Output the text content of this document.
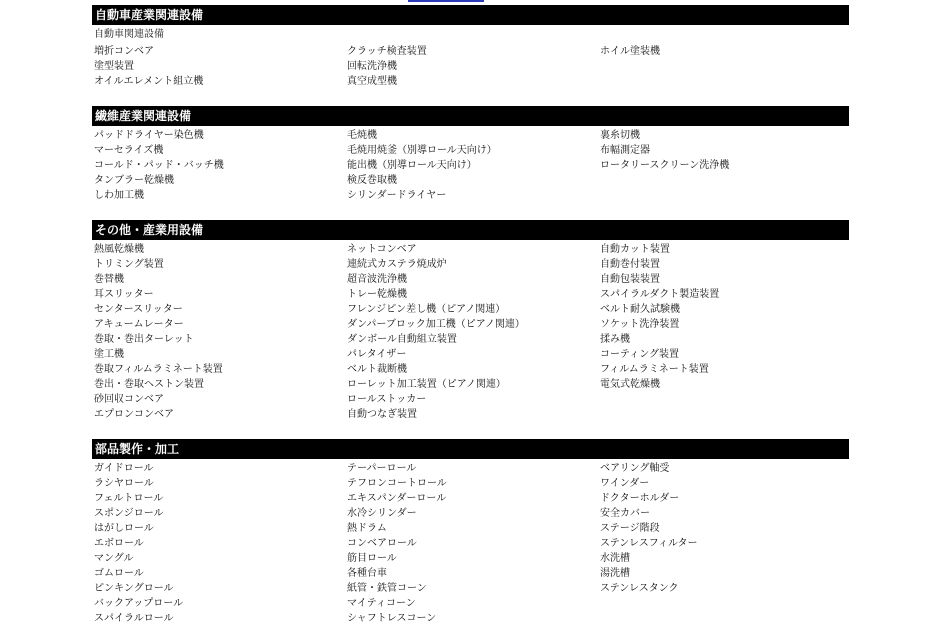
自動車産業関連設備
自動車関連設備
増折コンベア	クラッチ検査装置	ホイル塗装機
塗型装置	回転洗浄機
オイルエレメント組立機	真空成型機
繊維産業関連設備
パッドドライヤー染色機	毛焼機	裏糸切機
マーセライズ機	毛焼用焼釜（別導ロール天向け）	布幅測定器
コールド・パッド・バッチ機	能出機（別導ロール天向け）	ロータリースクリーン洗浄機
タンブラー乾燥機	検反巻取機
しわ加工機	シリンダードライヤー
その他・産業用設備
熱風乾燥機	ネットコンベア	自動カット装置
トリミング装置	連続式カステラ焼成炉	自動巻付装置
巻替機	超音波洗浄機	自動包装装置
耳スリッター	トレー乾燥機	スパイラルダクト製造装置
センタースリッター	フレンジピン差し機（ピアノ関連）	ベルト耐久試験機
アキュームレーター	ダンパーブロック加工機（ピアノ関連）	ソケット洗浄装置
巻取・巻出ターレット	ダンボール自動組立装置	揉み機
塗工機	パレタイザー	コーティング装置
巻取フィルムラミネート装置	ベルト裁断機	フィルムラミネート装置
巻出・巻取ヘストン装置	ローレット加工装置（ピアノ関連）	電気式乾燥機
砂回収コンベア	ロールストッカー
エプロンコンベア	自動つなぎ装置
部品製作・加工
ガイドロール	テーパーロール	ベアリング軸受
ラシヤロール	テフロンコートロール	ワインダー
フェルトロール	エキスパンダーロール	ドクターホルダー
スポンジロール	水冷シリンダー	安全カバー
はがしロール	熱ドラム	ステージ階段
エボロール	コンベアロール	ステンレスフィルター
マングル	筋目ロール	水洗槽
ゴムロール	各種台車	湯洗槽
ピンキングロール	紙管・鉄管コーン	ステンレスタンク
バックアップロール	マイティコーン
スパイラルロール	シャフトレスコーン
